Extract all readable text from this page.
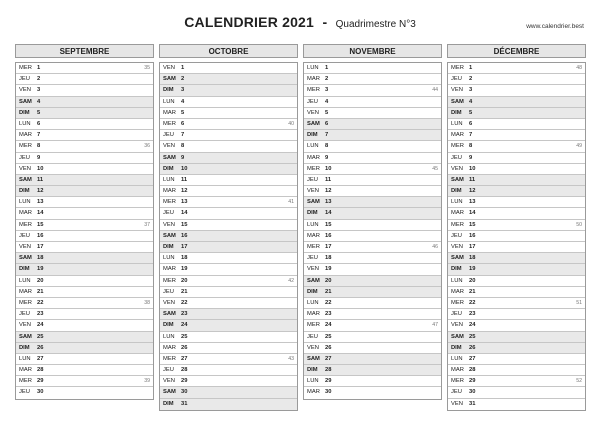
CALENDRIER 2021 - Quadrimestre N°3	www.calendrier.best
SEPTEMBRE
MER 1	35
JEU 2
VEN 3
SAM 4
DIM 5
LUN 6
MAR 7
MER 8	36
JEU 9
VEN 10
SAM 11
DIM 12
LUN 13
MAR 14
MER 15	37
JEU 16
VEN 17
SAM 18
DIM 19
LUN 20
MAR 21
MER 22	38
JEU 23
VEN 24
SAM 25
DIM 26
LUN 27
MAR 28
MER 29	39
JEU 30
OCTOBRE
VEN 1
SAM 2
DIM 3
LUN 4
MAR 5
MER 6	40
JEU 7
VEN 8
SAM 9
DIM 10
LUN 11
MAR 12
MER 13	41
JEU 14
VEN 15
SAM 16
DIM 17
LUN 18
MAR 19
MER 20	42
JEU 21
VEN 22
SAM 23
DIM 24
LUN 25
MAR 26
MER 27	43
JEU 28
VEN 29
SAM 30
DIM 31
NOVEMBRE
LUN 1
MAR 2
MER 3	44
JEU 4
VEN 5
SAM 6
DIM 7
LUN 8
MAR 9
MER 10	45
JEU 11
VEN 12
SAM 13
DIM 14
LUN 15
MAR 16
MER 17	46
JEU 18
VEN 19
SAM 20
DIM 21
LUN 22
MAR 23
MER 24	47
JEU 25
VEN 26
SAM 27
DIM 28
LUN 29
MAR 30
DÉCEMBRE
MER 1	48
JEU 2
VEN 3
SAM 4
DIM 5
LUN 6
MAR 7
MER 8	49
JEU 9
VEN 10
SAM 11
DIM 12
LUN 13
MAR 14
MER 15	50
JEU 16
VEN 17
SAM 18
DIM 19
LUN 20
MAR 21
MER 22	51
JEU 23
VEN 24
SAM 25
DIM 26
LUN 27
MAR 28
MER 29	52
JEU 30
VEN 31
